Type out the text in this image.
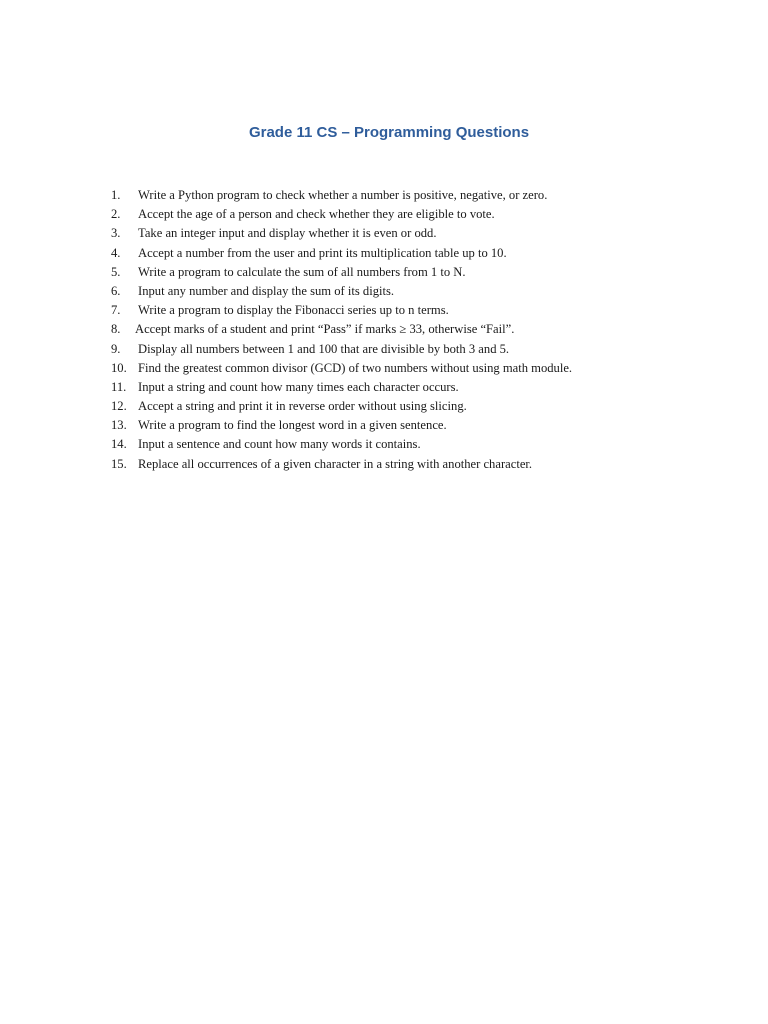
Grade 11 CS – Programming Questions
1. Write a Python program to check whether a number is positive, negative, or zero.
2. Accept the age of a person and check whether they are eligible to vote.
3. Take an integer input and display whether it is even or odd.
4. Accept a number from the user and print its multiplication table up to 10.
5. Write a program to calculate the sum of all numbers from 1 to N.
6. Input any number and display the sum of its digits.
7. Write a program to display the Fibonacci series up to n terms.
8. Accept marks of a student and print “Pass” if marks ≥ 33, otherwise “Fail”.
9. Display all numbers between 1 and 100 that are divisible by both 3 and 5.
10. Find the greatest common divisor (GCD) of two numbers without using math module.
11. Input a string and count how many times each character occurs.
12. Accept a string and print it in reverse order without using slicing.
13. Write a program to find the longest word in a given sentence.
14. Input a sentence and count how many words it contains.
15. Replace all occurrences of a given character in a string with another character.
